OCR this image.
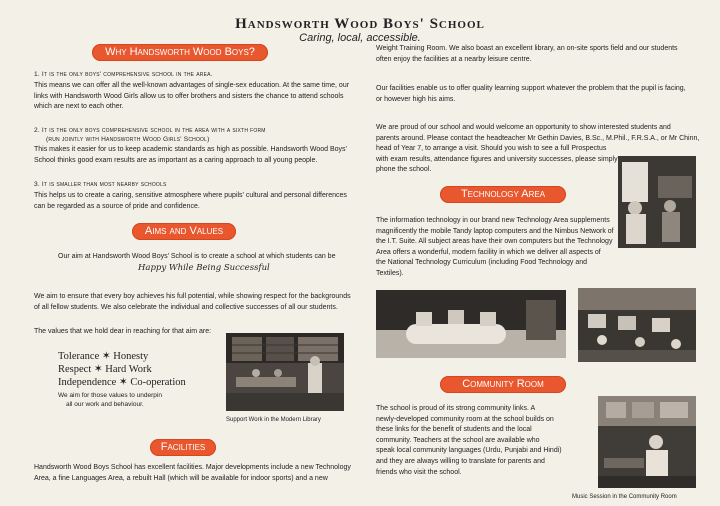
Handsworth Wood Boys' School
Caring, local, accessible.
Why Handsworth Wood Boys?
1. It is the only boys' comprehensive school in the area.
This means we can offer all the well-known advantages of single-sex education. At the same time, our
links with Handsworth Wood Girls allow us to offer brothers and sisters the chance to attend schools
which are next to each other.
2. It is the only boys comprehensive school in the area with a sixth form
(run jointly with Handsworth Wood Girls' School)
This makes it easier for us to keep academic standards as high as possible. Handsworth Wood Boys'
School thinks good exam results are as important as a caring approach to all young people.
3. It is smaller than most nearby schools
This helps us to create a caring, sensitive atmosphere where pupils' cultural and personal differences
can be regarded as a source of pride and confidence.
Aims and Values
Our aim at Handsworth Wood Boys' School is to create a school at which students can be
Happy While Being Successful
We aim to ensure that every boy achieves his full potential, while showing respect for the backgrounds
of all fellow students. We also celebrate the individual and collective successes of all our students.
The values that we hold dear in reaching for that aim are:
Tolerance ✶ Honesty
Respect ✶ Hard Work
Independence ✶ Co-operation
We aim for those values to underpin
all our work and behaviour.
Support Work in the Modern Library
Facilities
Handsworth Wood Boys School has excellent facilities. Major developments include a new Technology
Area, a fine Languages Area, a rebuilt Hall (which will be available for indoor sports) and a new
Weight Training Room. We also boast an excellent library, an on-site sports field and our students
often enjoy the facilities at a nearby leisure centre.
Our facilities enable us to offer quality learning support whatever the problem that the pupil is facing,
or however high his aims.
We are proud of our school and would welcome an opportunity to show interested students and
parents around. Please contact the headteacher Mr Gethin Davies, B.Sc., M.Phil., F.R.S.A., or Mr Chinn,
head of Year 7, to arrange a visit. Should you wish to see a full Prospectus
with exam results, attendance figures and university successes, please simply
phone the school.
Technology Area
The information technology in our brand new Technology Area supplements
magnificently the mobile Tandy laptop computers and the Nimbus Network of
the I.T. Suite. All subject areas have their own computers but the Technology
Area offers a wonderful, modern facility in which we deliver all aspects of
the National Technology Curriculum (including Food Technology and Textiles).
Community Room
The school is proud of its strong community links. A
newly-developed community room at the school builds on
these links for the benefit of students and the local
community. Teachers at the school are available who
speak local community languages (Urdu, Punjabi and Hindi)
and they are always willing to translate for parents and
friends who visit the school.
Music Session in the Community Room
